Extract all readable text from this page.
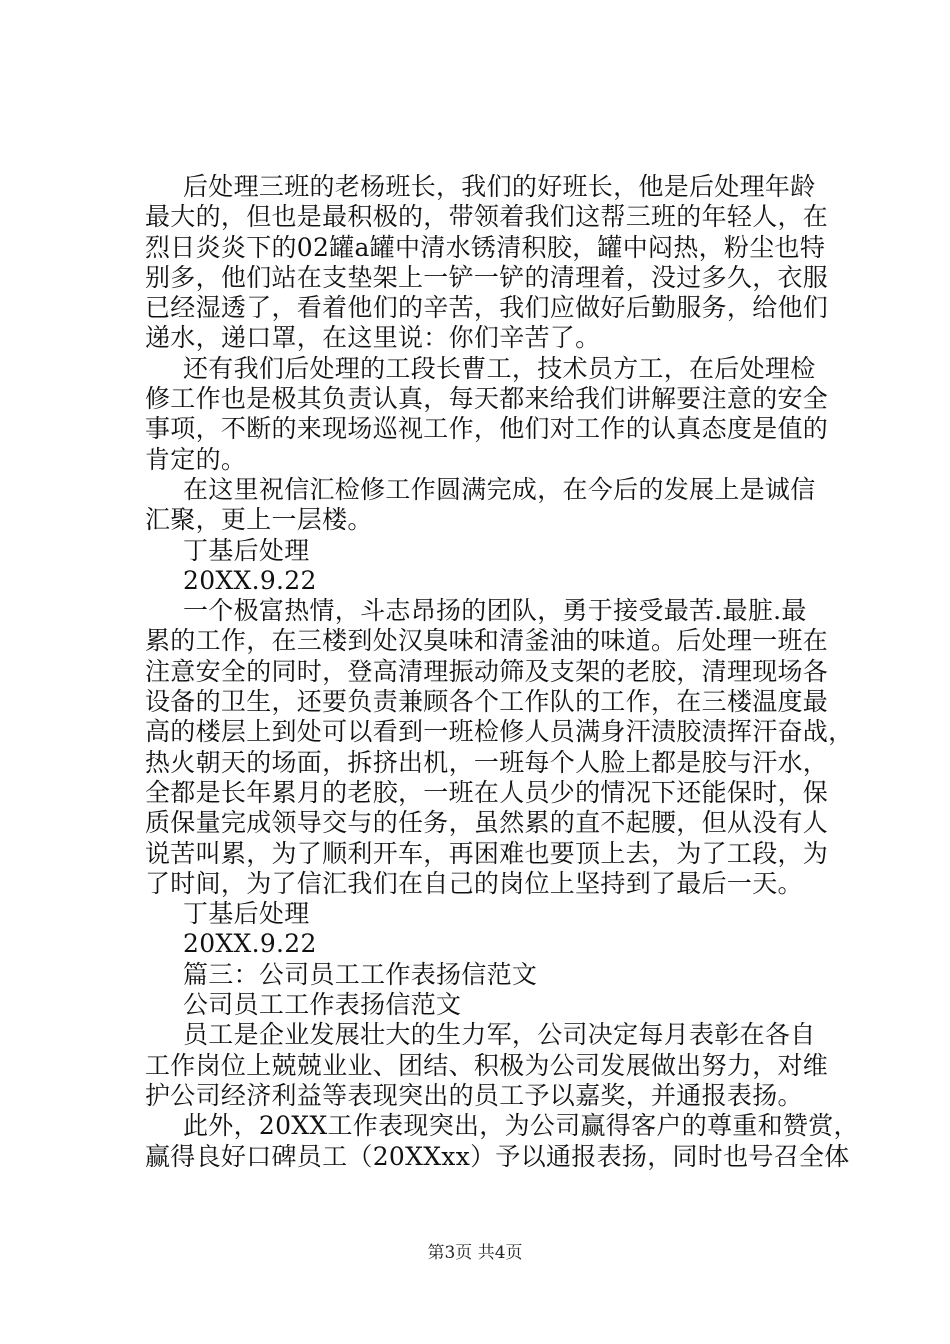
后处理三班的老杨班长，我们的好班长，他是后处理年龄
最大的，但也是最积极的，带领着我们这帮三班的年轻人，在
烈日炎炎下的02罐a罐中清水锈清积胶，罐中闷热，粉尘也特
别多，他们站在支垫架上一铲一铲的清理着，没过多久，衣服
已经湿透了，看着他们的辛苦，我们应做好后勤服务，给他们
递水，递口罩，在这里说：你们辛苦了。
还有我们后处理的工段长曹工，技术员方工，在后处理检
修工作也是极其负责认真，每天都来给我们讲解要注意的安全
事项，不断的来现场巡视工作，他们对工作的认真态度是值的
肯定的。
在这里祝信汇检修工作圆满完成，在今后的发展上是诚信
汇聚，更上一层楼。
丁基后处理
20XX.9.22
一个极富热情，斗志昂扬的团队，勇于接受最苦.最脏.最
累的工作，在三楼到处汉臭味和清釜油的味道。后处理一班在
注意安全的同时，登高清理振动筛及支架的老胶，清理现场各
设备的卫生，还要负责兼顾各个工作队的工作，在三楼温度最
高的楼层上到处可以看到一班检修人员满身汗渍胶渍挥汗奋战，
热火朝天的场面，拆挤出机，一班每个人脸上都是胶与汗水，
全都是长年累月的老胶，一班在人员少的情况下还能保时，保
质保量完成领导交与的任务，虽然累的直不起腰，但从没有人
说苦叫累，为了顺利开车，再困难也要顶上去，为了工段，为
了时间，为了信汇我们在自己的岗位上坚持到了最后一天。
丁基后处理
20XX.9.22
篇三：公司员工工作表扬信范文
公司员工工作表扬信范文
员工是企业发展壮大的生力军，公司决定每月表彰在各自
工作岗位上兢兢业业、团结、积极为公司发展做出努力，对维
护公司经济利益等表现突出的员工予以嘉奖，并通报表扬。
此外，20XX工作表现突出，为公司赢得客户的尊重和赞赏，
赢得良好口碑员工（20XXxx）予以通报表扬，同时也号召全体
第3页 共4页
